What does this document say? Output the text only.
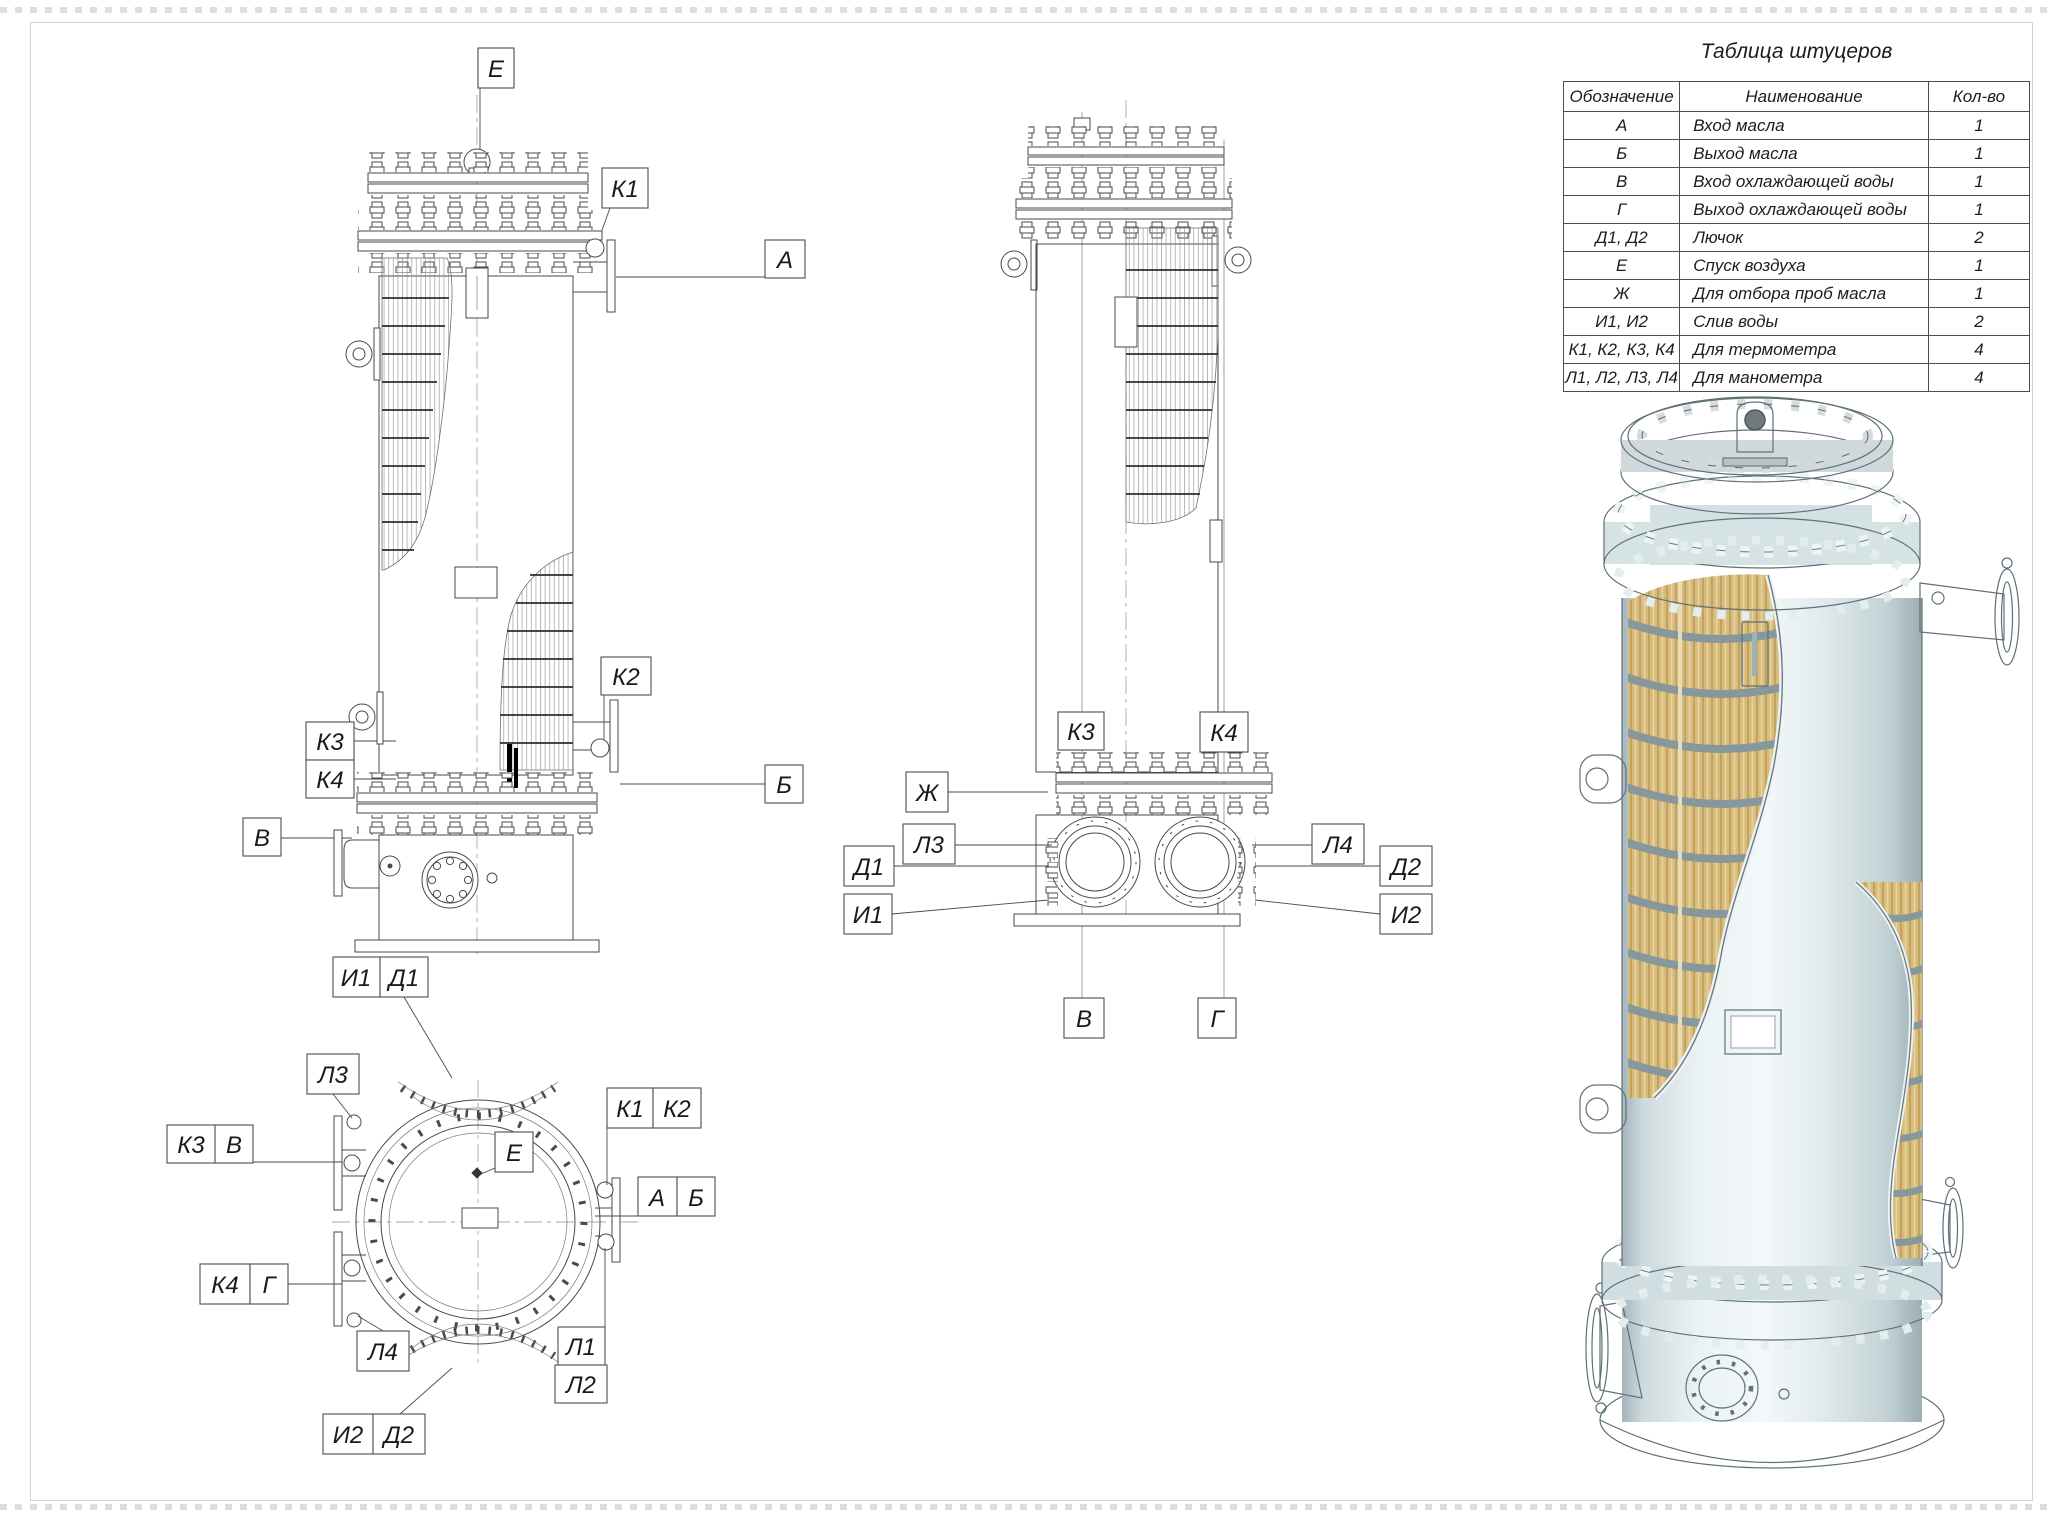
Таблица штуцеров
Обозначение	Наименование	Кол-во
А	Вход масла	1
Б	Выход масла	1
В	Вход охлаждающей воды	1
Г	Выход охлаждающей воды	1
Д1, Д2	Лючок	2
Е	Спуск воздуха	1
Ж	Для отбора проб масла	1
И1, И2	Слив воды	2
К1, К2, К3, К4	Для термометра	4
Л1, Л2, Л3, Л4	Для манометра	4
Е
К1
А
К2
К3
К4
В
Б
К3	К4
Ж
Л3
Д1
И1
Л4
Д2
И2
В	Г
И1 Д1
Л3
К3 В
К4 Г
Л4
И2 Д2
Е
К1 К2
А Б
Л1
Л2
